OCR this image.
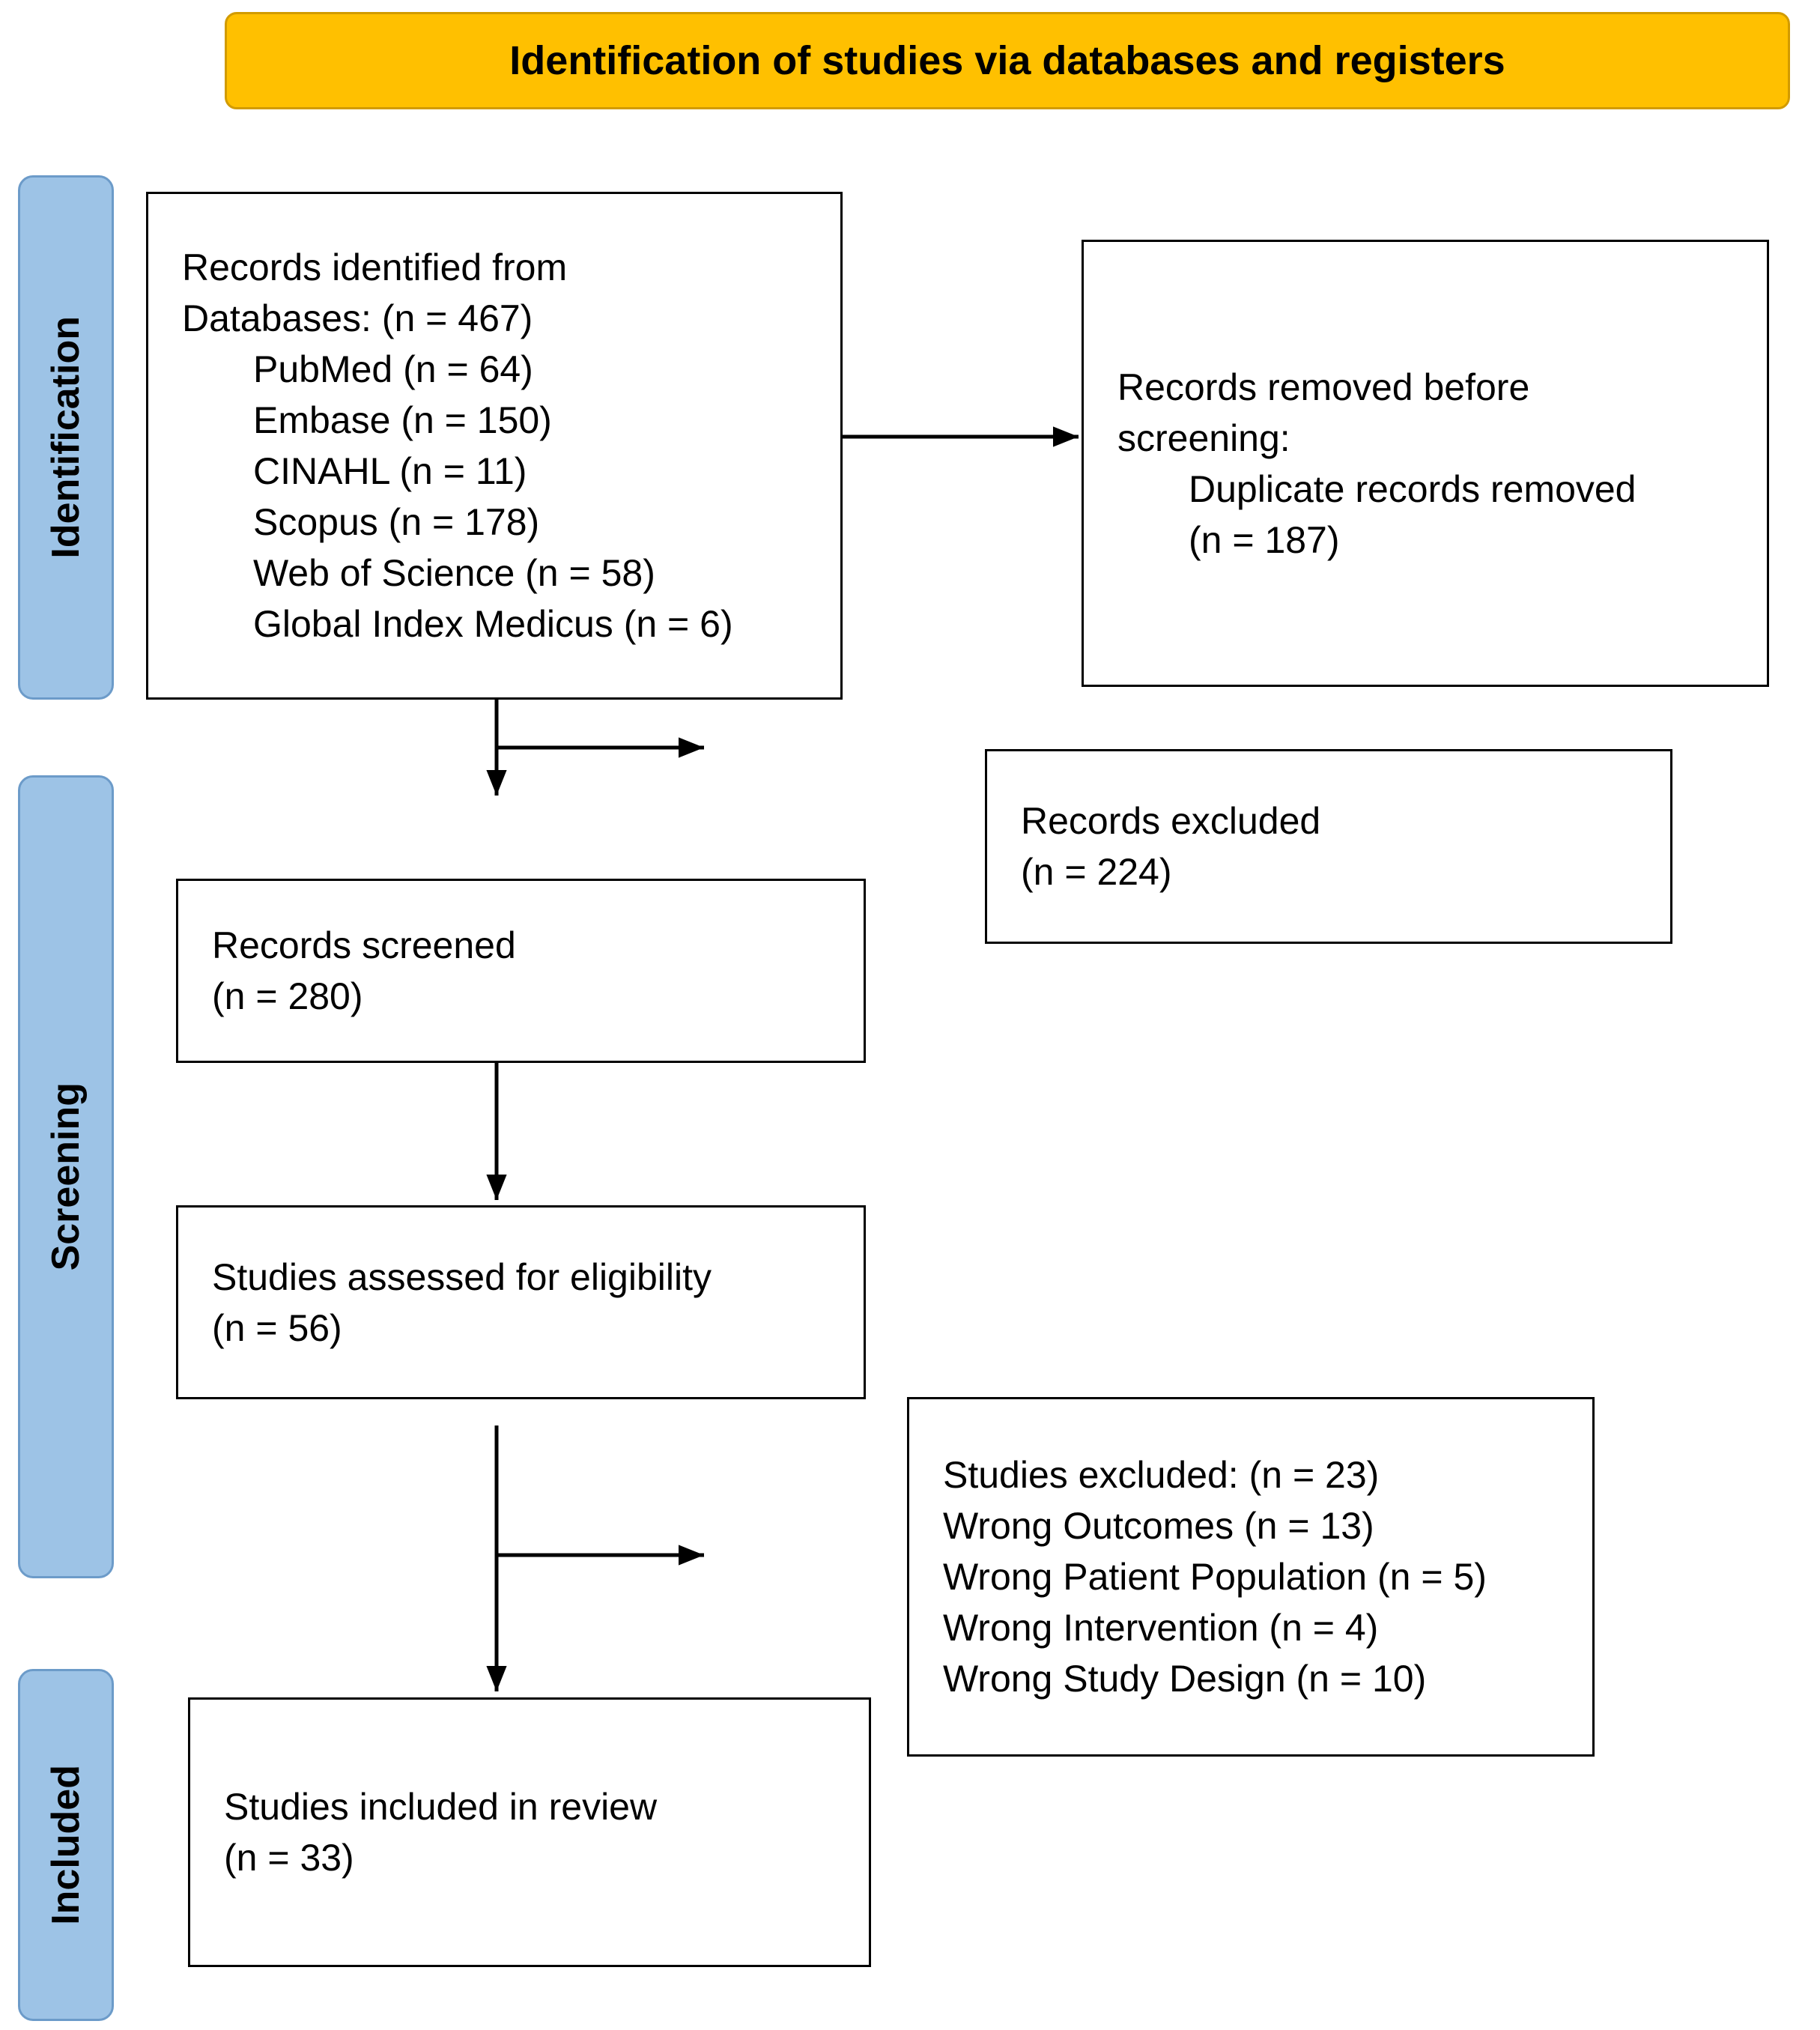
Identification of studies via databases and registers
Identification
Screening
Included
Records identified from
Databases: (n = 467)
PubMed (n = 64)
Embase (n = 150)
CINAHL (n = 11)
Scopus (n = 178)
Web of Science (n = 58)
Global Index Medicus (n = 6)
Records removed before
screening:
Duplicate records removed
(n = 187)
Records excluded
(n = 224)
Records screened
(n = 280)
Studies assessed for eligibility
(n = 56)
Studies excluded: (n = 23)
Wrong Outcomes (n = 13)
Wrong Patient Population (n = 5)
Wrong Intervention (n = 4)
Wrong Study Design (n = 10)
Studies included in review
(n = 33)
